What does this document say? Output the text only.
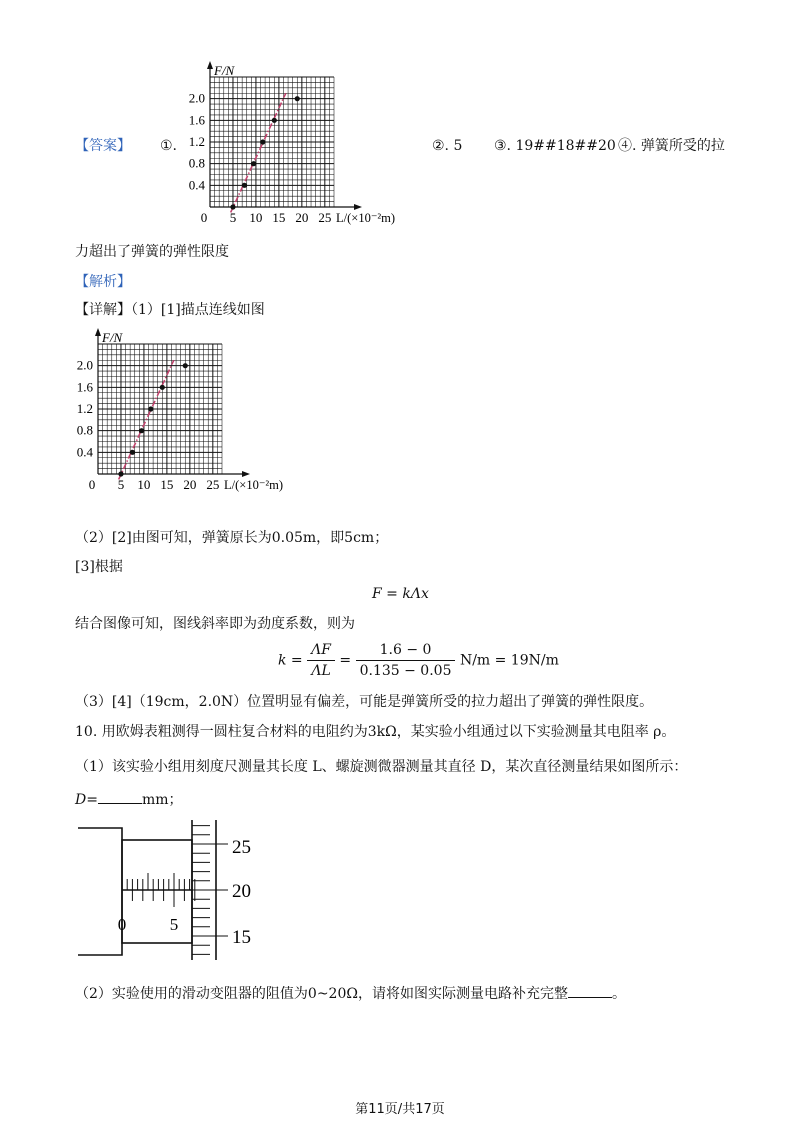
【答案】 ①.
F/N
L/(×10⁻²m)
0 5 10 15 20 25
0.4
0.8
1.2
1.6
2.0
②. 5 ③. 19##18##20 ④. 弹簧所受的拉
力超出了弹簧的弹性限度
【解析】
【详解】（1）[1]描点连线如图
F/N
L/(×10⁻²m)
0 5 10 15 20 25
0.4
0.8
1.2
1.6
2.0
（2）[2]由图可知，弹簧原长为0.05m，即5cm；
[3]根据
F = kΛx
结合图像可知，图线斜率即为劲度系数，则为
$k = \frac{\Lambda F}{\Lambda L} = \frac{1.6 - 0}{0.135 - 0.05} N/m = 19N/m$
（3）[4]（19cm，2.0N）位置明显有偏差，可能是弹簧所受的拉力超出了弹簧的弹性限度。
10. 用欧姆表粗测得一圆柱复合材料的电阻约为3kΩ，某实验小组通过以下实验测量其电阻率 ρ。
（1）该实验小组用刻度尺测量其长度 L、螺旋测微器测量其直径 D，某次直径测量结果如图所示：
D=	mm；
0	5
25
20
15
（2）实验使用的滑动变阻器的阻值为0~20Ω，请将如图实际测量电路补充完整	。
第11页/共17页
